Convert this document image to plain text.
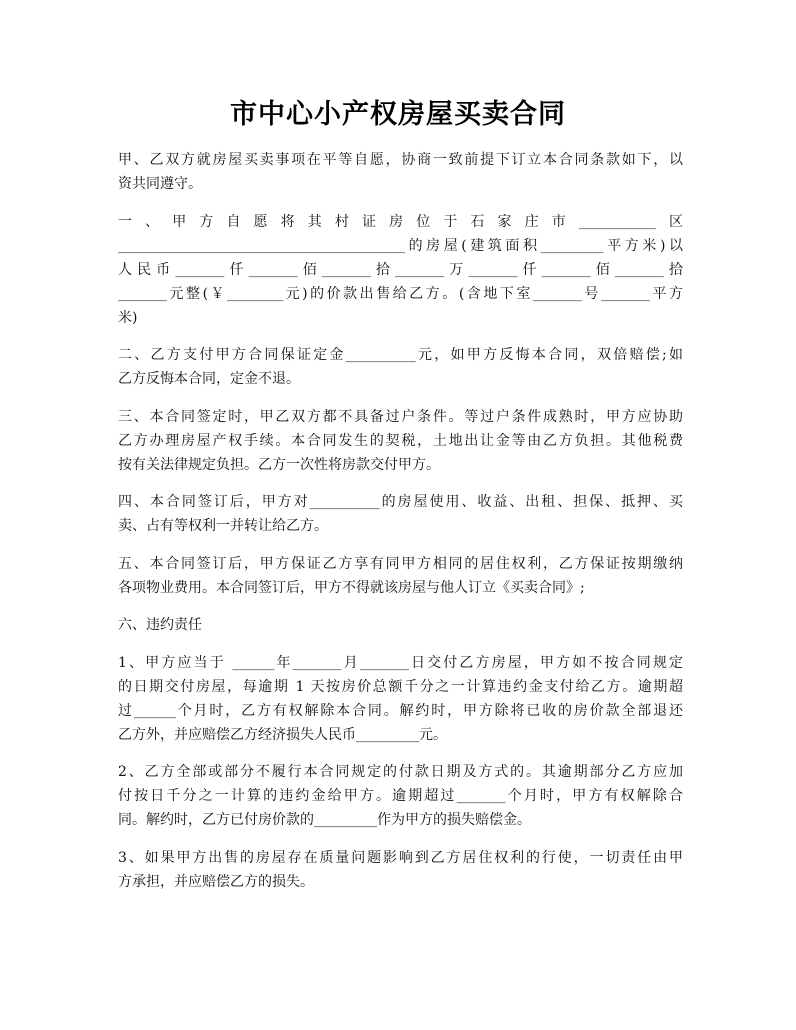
市中心小产权房屋买卖合同
甲、乙双方就房屋买卖事项在平等自愿，协商一致前提下订立本合同条款如下，以
资共同遵守。
一、甲方自愿将其村证房位于石家庄市___________区
_________________________________________的房屋(建筑面积_________平方米)以
人民币_______仟_______佰_______拾_______万_______仟_______佰_______拾
_______元整(￥________元)的价款出售给乙方。(含地下室_______号_______平方
米)
二、乙方支付甲方合同保证定金__________元，如甲方反悔本合同，双倍赔偿;如
乙方反悔本合同，定金不退。
三、本合同签定时，甲乙双方都不具备过户条件。等过户条件成熟时，甲方应协助
乙方办理房屋产权手续。本合同发生的契税，土地出让金等由乙方负担。其他税费
按有关法律规定负担。乙方一次性将房款交付甲方。
四、本合同签订后，甲方对__________的房屋使用、收益、出租、担保、抵押、买
卖、占有等权利一并转让给乙方。
五、本合同签订后，甲方保证乙方享有同甲方相同的居住权利，乙方保证按期缴纳
各项物业费用。本合同签订后，甲方不得就该房屋与他人订立《买卖合同》;
六、违约责任
1、甲方应当于 ______年_______月_______日交付乙方房屋，甲方如不按合同规定
的日期交付房屋，每逾期 1 天按房价总额千分之一计算违约金支付给乙方。逾期超
过______个月时，乙方有权解除本合同。解约时，甲方除将已收的房价款全部退还
乙方外，并应赔偿乙方经济损失人民币_________元。
2、乙方全部或部分不履行本合同规定的付款日期及方式的。其逾期部分乙方应加
付按日千分之一计算的违约金给甲方。逾期超过_______个月时，甲方有权解除合
同。解约时，乙方已付房价款的_________作为甲方的损失赔偿金。
3、如果甲方出售的房屋存在质量问题影响到乙方居住权利的行使，一切责任由甲
方承担，并应赔偿乙方的损失。
